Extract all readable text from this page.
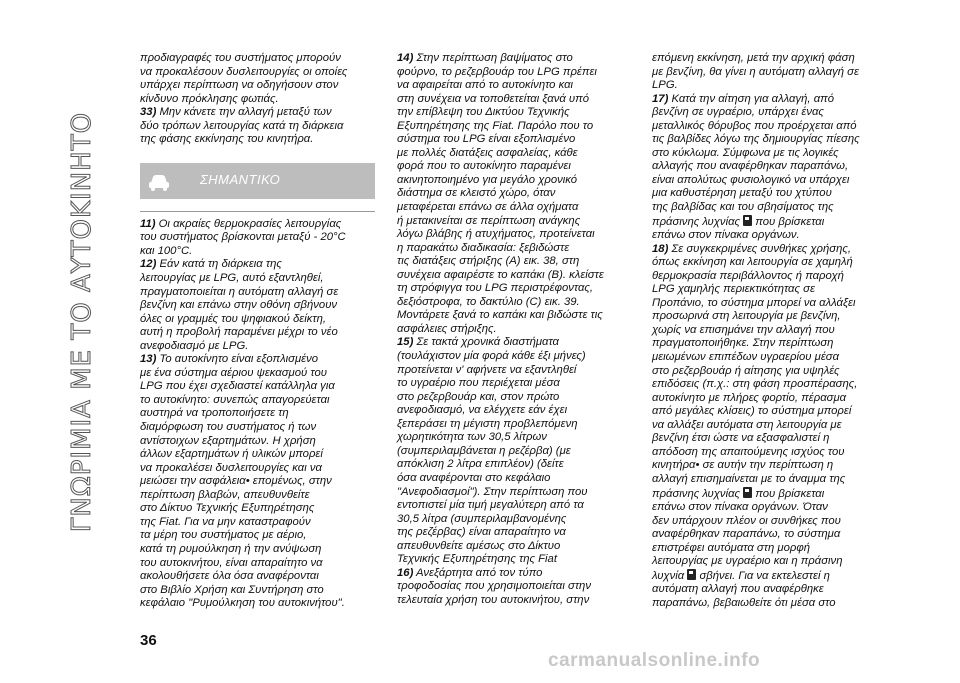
ΓΝΩΡΙΜΙΑ ΜΕ ΤΟ ΑΥΤΟΚΙΝΗΤΟ
προδιαγραφές του συστήματος μπορούν
να προκαλέσουν δυσλειτουργίες οι οποίες
υπάρχει περίπτωση να οδηγήσουν στον
κίνδυνο πρόκλησης φωτιάς.
33) Μην κάνετε την αλλαγή μεταξύ των
δύο τρόπων λειτουργίας κατά τη διάρκεια
της φάσης εκκίνησης του κινητήρα.
ΣΗΜΑΝΤΙΚΟ
11) Οι ακραίες θερμοκρασίες λειτουργίας
του συστήματος βρίσκονται μεταξύ - 20°C
και 100°C.
12) Εάν κατά τη διάρκεια της
λειτουργίας με LPG, αυτό εξαντληθεί,
πραγματοποιείται η αυτόματη αλλαγή σε
βενζίνη και επάνω στην οθόνη σβήνουν
όλες οι γραμμές του ψηφιακού δείκτη,
αυτή η προβολή παραμένει μέχρι το νέο
ανεφοδιασμό με LPG.
13) Το αυτοκίνητο είναι εξοπλισμένο
με ένα σύστημα αέριου ψεκασμού του
LPG που έχει σχεδιαστεί κατάλληλα για
το αυτοκίνητο: συνεπώς απαγορεύεται
αυστηρά να τροποποιήσετε τη
διαμόρφωση του συστήματος ή των
αντίστοιχων εξαρτημάτων. Η χρήση
άλλων εξαρτημάτων ή υλικών μπορεί
να προκαλέσει δυσλειτουργίες και να
μειώσει την ασφάλεια• επομένως, στην
περίπτωση βλαβών, απευθυνθείτε
στο Δίκτυο Τεχνικής Εξυπηρέτησης
της Fiat. Για να μην καταστραφούν
τα μέρη του συστήματος με αέριο,
κατά τη ρυμούλκηση ή την ανύψωση
του αυτοκινήτου, είναι απαραίτητο να
ακολουθήσετε όλα όσα αναφέρονται
στο Βιβλίο Χρήση και Συντήρηση στο
κεφάλαιο "Ρυμούλκηση του αυτοκινήτου".
14) Στην περίπτωση βαψίματος στο
φούρνο, το ρεζερβουάρ του LPG πρέπει
να αφαιρείται από το αυτοκίνητο και
στη συνέχεια να τοποθετείται ξανά υπό
την επίβλεψη του Δικτύου Τεχνικής
Εξυπηρέτησης της Fiat. Παρόλο που το
σύστημα του LPG είναι εξοπλισμένο
με πολλές διατάξεις ασφαλείας, κάθε
φορά που το αυτοκίνητο παραμένει
ακινητοποιημένο για μεγάλο χρονικό
διάστημα σε κλειστό χώρο, όταν
μεταφέρεται επάνω σε άλλα οχήματα
ή μετακινείται σε περίπτωση ανάγκης
λόγω βλάβης ή ατυχήματος, προτείνεται
η παρακάτω διαδικασία: ξεβιδώστε
τις διατάξεις στήριξης (A) εικ. 38, στη
συνέχεια αφαιρέστε το καπάκι (B). κλείστε
τη στρόφιγγα του LPG περιστρέφοντας,
δεξιόστροφα, το δακτύλιο (C) εικ. 39.
Μοντάρετε ξανά το καπάκι και βιδώστε τις
ασφάλειες στήριξης.
15) Σε τακτά χρονικά διαστήματα
(τουλάχιστον μία φορά κάθε έξι μήνες)
προτείνεται ν' αφήνετε να εξαντληθεί
το υγραέριο που περιέχεται μέσα
στο ρεζερβουάρ και, στον πρώτο
ανεφοδιασμό, να ελέγχετε εάν έχει
ξεπεράσει τη μέγιστη προβλεπόμενη
χωρητικότητα των 30,5 λίτρων
(συμπεριλαμβάνεται η ρεζέρβα) (με
απόκλιση 2 λίτρα επιπλέον) (δείτε
όσα αναφέρονται στο κεφάλαιο
"Ανεφοδιασμοί"). Στην περίπτωση που
εντοπιστεί μία τιμή μεγαλύτερη από τα
30,5 λίτρα (συμπεριλαμβανομένης
της ρεζέρβας) είναι απαραίτητο να
απευθυνθείτε αμέσως στο Δίκτυο
Τεχνικής Εξυπηρέτησης της Fiat
16) Ανεξάρτητα από τον τύπο
τροφοδοσίας που χρησιμοποιείται στην
τελευταία χρήση του αυτοκινήτου, στην
επόμενη εκκίνηση, μετά την αρχική φάση
με βενζίνη, θα γίνει η αυτόματη αλλαγή σε
LPG.
17) Κατά την αίτηση για αλλαγή, από
βενζίνη σε υγραέριο, υπάρχει ένας
μεταλλικός θόρυβος που προέρχεται από
τις βαλβίδες λόγω της δημιουργίας πίεσης
στο κύκλωμα. Σύμφωνα με τις λογικές
αλλαγής που αναφέρθηκαν παραπάνω,
είναι απολύτως φυσιολογικό να υπάρχει
μια καθυστέρηση μεταξύ του χτύπου
της βαλβίδας και του σβησίματος της
πράσινης λυχνίας  που βρίσκεται
επάνω στον πίνακα οργάνων.
18) Σε συγκεκριμένες συνθήκες χρήσης,
όπως εκκίνηση και λειτουργία σε χαμηλή
θερμοκρασία περιβάλλοντος ή παροχή
LPG χαμηλής περιεκτικότητας σε
Προπάνιο, το σύστημα μπορεί να αλλάξει
προσωρινά στη λειτουργία με βενζίνη,
χωρίς να επισημάνει την αλλαγή που
πραγματοποιήθηκε. Στην περίπτωση
μειωμένων επιπέδων υγραερίου μέσα
στο ρεζερβουάρ ή αίτησης για υψηλές
επιδόσεις (π.χ.: στη φάση προσπέρασης,
αυτοκίνητο με πλήρες φορτίο, πέρασμα
από μεγάλες κλίσεις) το σύστημα μπορεί
να αλλάξει αυτόματα στη λειτουργία με
βενζίνη έτσι ώστε να εξασφαλιστεί η
απόδοση της απαιτούμενης ισχύος του
κινητήρα• σε αυτήν την περίπτωση η
αλλαγή επισημαίνεται με το άναμμα της
πράσινης λυχνίας  που βρίσκεται
επάνω στον πίνακα οργάνων. Όταν
δεν υπάρχουν πλέον οι συνθήκες που
αναφέρθηκαν παραπάνω, το σύστημα
επιστρέφει αυτόματα στη μορφή
λειτουργίας με υγραέριο και η πράσινη
λυχνία  σβήνει. Για να εκτελεστεί η
αυτόματη αλλαγή που αναφέρθηκε
παραπάνω, βεβαιωθείτε ότι μέσα στο
36
carmanualsonline.info
